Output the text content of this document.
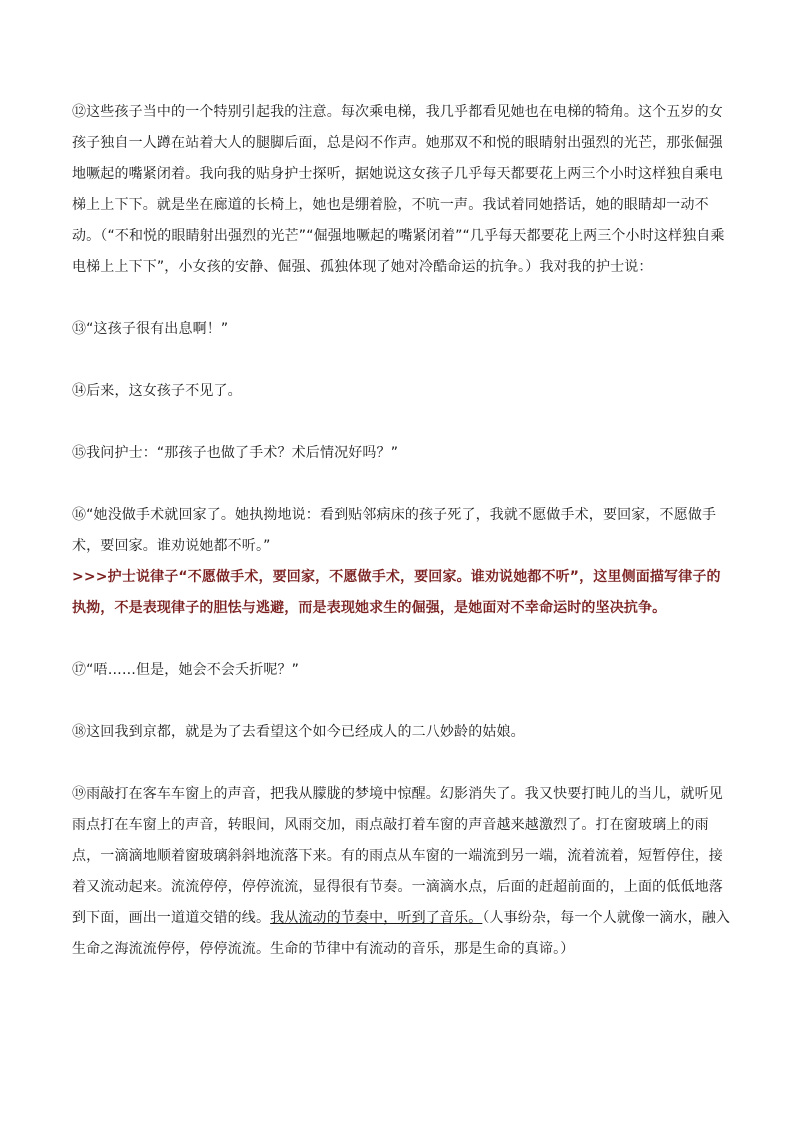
⑫这些孩子当中的一个特别引起我的注意。每次乘电梯，我几乎都看见她也在电梯的犄角。这个五岁的女孩子独自一人蹲在站着大人的腿脚后面，总是闷不作声。她那双不和悦的眼睛射出强烈的光芒，那张倔强地噘起的嘴紧闭着。我向我的贴身护士探听，据她说这女孩子几乎每天都要花上两三个小时这样独自乘电梯上上下下。就是坐在廊道的长椅上，她也是绷着脸，不吭一声。我试着同她搭话，她的眼睛却一动不动。（“不和悦的眼睛射出强烈的光芒”“倔强地噘起的嘴紧闭着”“几乎每天都要花上两三个小时这样独自乘电梯上上下下”，小女孩的安静、倔强、孤独体现了她对冷酷命运的抗争。）我对我的护士说：

⑬“这孩子很有出息啊！”

⑭后来，这女孩子不见了。

⑮我问护士：“那孩子也做了手术？术后情况好吗？”

⑯“她没做手术就回家了。她执拗地说：看到贴邻病床的孩子死了，我就不愿做手术，要回家，不愿做手术，要回家。谁劝说她都不听。”

>>>护士说律子“不愿做手术，要回家，不愿做手术，要回家。谁劝说她都不听”，这里侧面描写律子的执拗，不是表现律子的胆怯与逃避，而是表现她求生的倔强，是她面对不幸命运时的坚决抗争。

⑰“唔……但是，她会不会夭折呢？”

⑱这回我到京都，就是为了去看望这个如今已经成人的二八妙龄的姑娘。

⑲雨敲打在客车车窗上的声音，把我从朦胧的梦境中惊醒。幻影消失了。我又快要打盹儿的当儿，就听见雨点打在车窗上的声音，转眼间，风雨交加，雨点敲打着车窗的声音越来越激烈了。打在窗玻璃上的雨点，一滴滴地顺着窗玻璃斜斜地流落下来。有的雨点从车窗的一端流到另一端，流着流着，短暂停住，接着又流动起来。流流停停，停停流流，显得很有节奏。一滴滴水点，后面的赶超前面的，上面的低低地落到下面，画出一道道交错的线。我从流动的节奏中，听到了音乐。（人事纷杂，每一个人就像一滴水，融入生命之海流流停停，停停流流。生命的节律中有流动的音乐，那是生命的真谛。）
